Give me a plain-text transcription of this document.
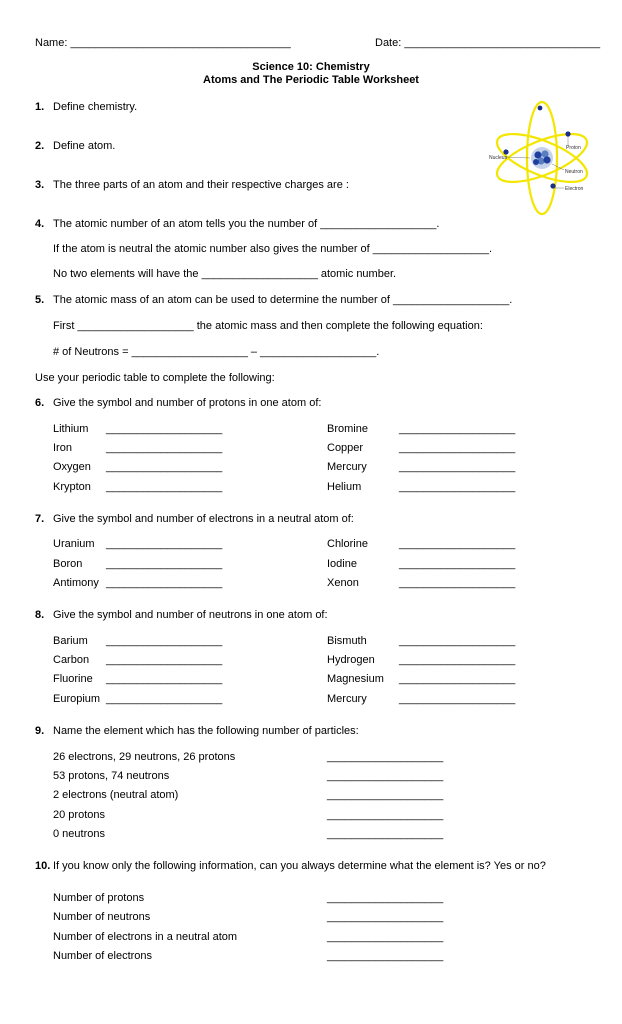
Name: ____________________________________	Date: ________________________________
Science 10: Chemistry
Atoms and The Periodic Table Worksheet
Nucleus
Proton
Neutron
Electron
1. Define chemistry.
2. Define atom.
3. The three parts of an atom and their respective charges are :
4. The atomic number of an atom tells you the number of ___________________.
If the atom is neutral the atomic number also gives the number of ___________________.
No two elements will have the ___________________ atomic number.
5. The atomic mass of an atom can be used to determine the number of ___________________.
First ___________________ the atomic mass and then complete the following equation:
# of Neutrons = ___________________ – ___________________.
Use your periodic table to complete the following:
6. Give the symbol and number of protons in one atom of:
Lithium ___________________	Bromine	___________________
Iron	___________________	Copper	___________________
Oxygen ___________________	Mercury	___________________
Krypton ___________________	Helium	___________________
7. Give the symbol and number of electrons in a neutral atom of:
Uranium ___________________	Chlorine	___________________
Boron ___________________	Iodine	___________________
Antimony ___________________	Xenon	___________________
8. Give the symbol and number of neutrons in one atom of:
Barium ___________________	Bismuth	___________________
Carbon ___________________	Hydrogen ___________________
Fluorine ___________________	Magnesium ___________________
Europium ___________________	Mercury	___________________
9. Name the element which has the following number of particles:
26 electrons, 29 neutrons, 26 protons	___________________
53 protons, 74 neutrons	___________________
2 electrons (neutral atom)	___________________
20 protons	___________________
0 neutrons	___________________
10. If you know only the following information, can you always determine what the element is? Yes or no?
Number of protons	___________________
Number of neutrons	___________________
Number of electrons in a neutral atom	___________________
Number of electrons	___________________
